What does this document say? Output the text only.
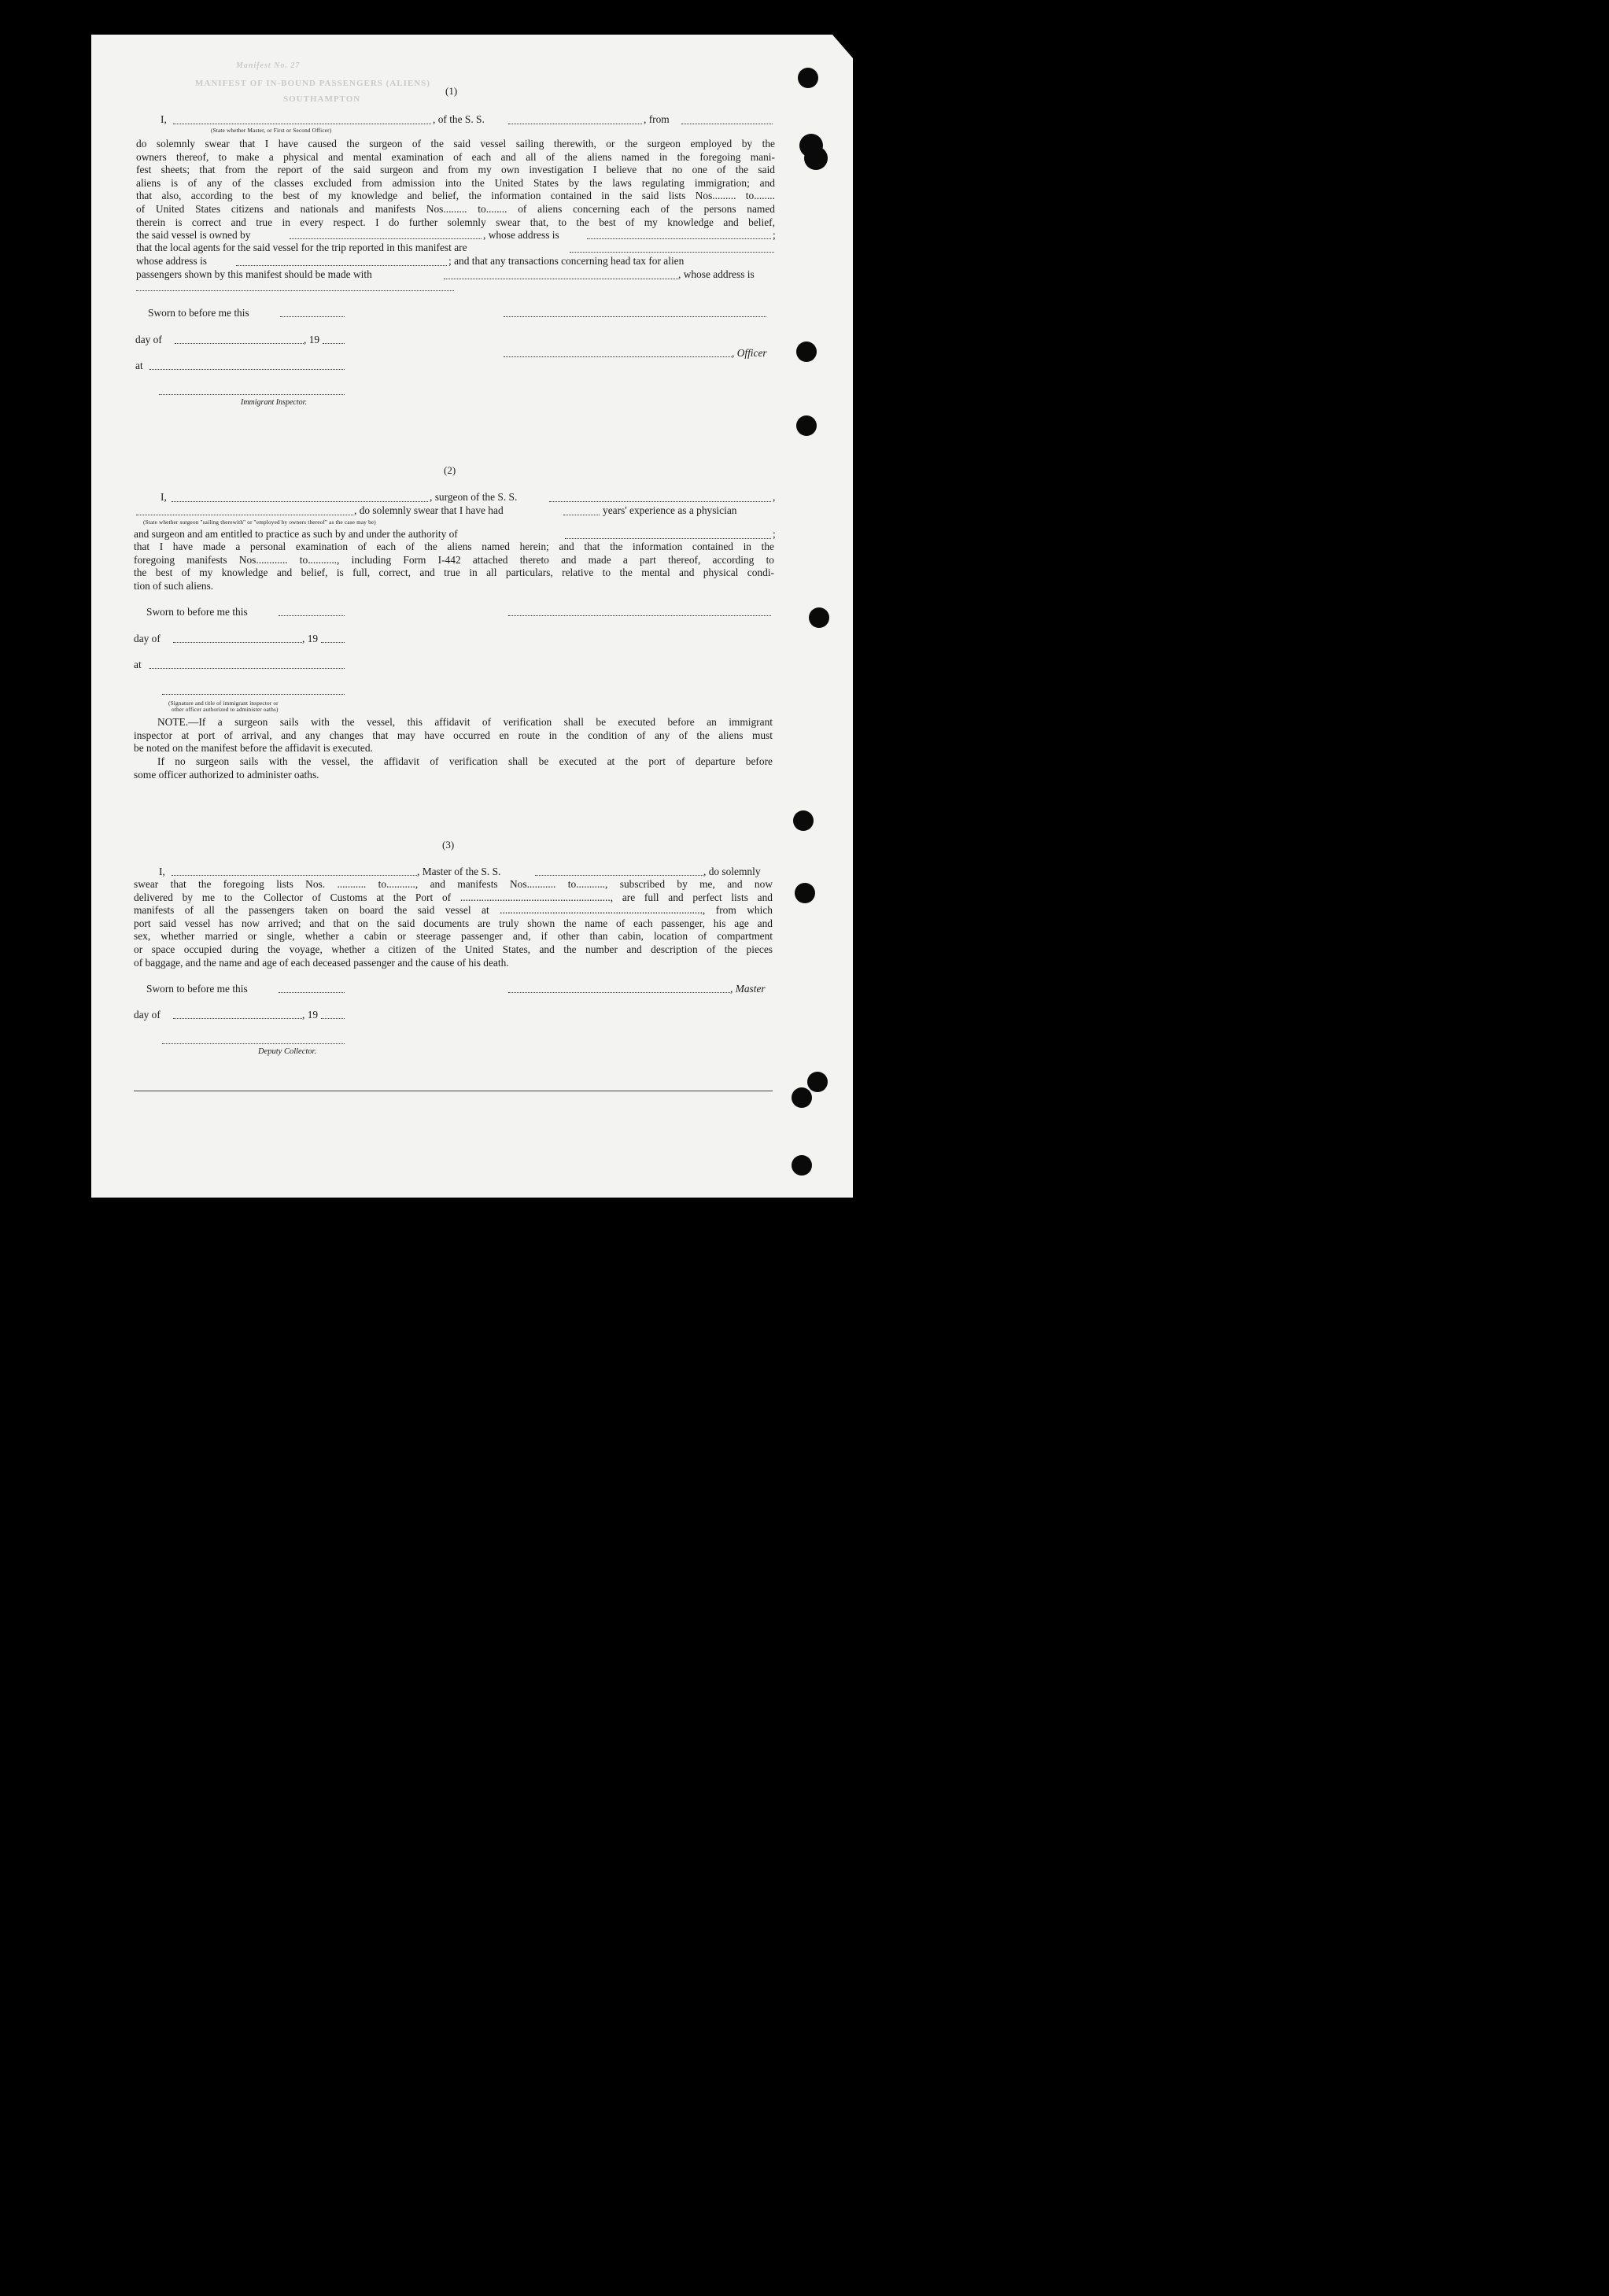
Manifest No. 27
MANIFEST OF IN-BOUND PASSENGERS (ALIENS)
SOUTHAMPTON
(1)
I,	, of the S. S.	, from
(State whether Master, or First or Second Officer)
do solemnly swear that I have caused the surgeon of the said vessel sailing therewith, or the surgeon employed by the
owners thereof, to make a physical and mental examination of each and all of the aliens named in the foregoing mani-
fest sheets; that from the report of the said surgeon and from my own investigation I believe that no one of the said
aliens is of any of the classes excluded from admission into the United States by the laws regulating immigration; and
that also, according to the best of my knowledge and belief, the information contained in the said lists Nos......... to........
of United States citizens and nationals and manifests Nos......... to........ of aliens concerning each of the persons named
therein is correct and true in every respect. I do further solemnly swear that, to the best of my knowledge and belief,
the said vessel is owned by	, whose address is	;
that the local agents for the said vessel for the trip reported in this manifest are
whose address is	; and that any transactions concerning head tax for alien
passengers shown by this manifest should be made with	, whose address is
Sworn to before me this
day of	, 19
, Officer
at
Immigrant Inspector.
(2)
I,	, surgeon of the S. S.	,
, do solemnly swear that I have had	years' experience as a physician
(State whether surgeon "sailing therewith" or "employed by owners thereof" as the case may be)
and surgeon and am entitled to practice as such by and under the authority of	;
that I have made a personal examination of each of the aliens named herein; and that the information contained in the
foregoing manifests Nos............ to..........., including Form I-442 attached thereto and made a part thereof, according to
the best of my knowledge and belief, is full, correct, and true in all particulars, relative to the mental and physical condi-
tion of such aliens.
Sworn to before me this
day of	, 19
at
(Signature and title of immigrant inspector or
other officer authorized to administer oaths)
NOTE.—If a surgeon sails with the vessel, this affidavit of verification shall be executed before an immigrant
inspector at port of arrival, and any changes that may have occurred en route in the condition of any of the aliens must
be noted on the manifest before the affidavit is executed.
If no surgeon sails with the vessel, the affidavit of verification shall be executed at the port of departure before
some officer authorized to administer oaths.
(3)
I,	, Master of the S. S.	, do solemnly
swear that the foregoing lists Nos. ........... to..........., and manifests Nos........... to..........., subscribed by me, and now
delivered by me to the Collector of Customs at the Port of ........................................................., are full and perfect lists and
manifests of all the passengers taken on board the said vessel at ............................................................................., from which
port said vessel has now arrived; and that on the said documents are truly shown the name of each passenger, his age and
sex, whether married or single, whether a cabin or steerage passenger and, if other than cabin, location of compartment
or space occupied during the voyage, whether a citizen of the United States, and the number and description of the pieces
of baggage, and the name and age of each deceased passenger and the cause of his death.
Sworn to before me this	, Master
day of	, 19
Deputy Collector.
